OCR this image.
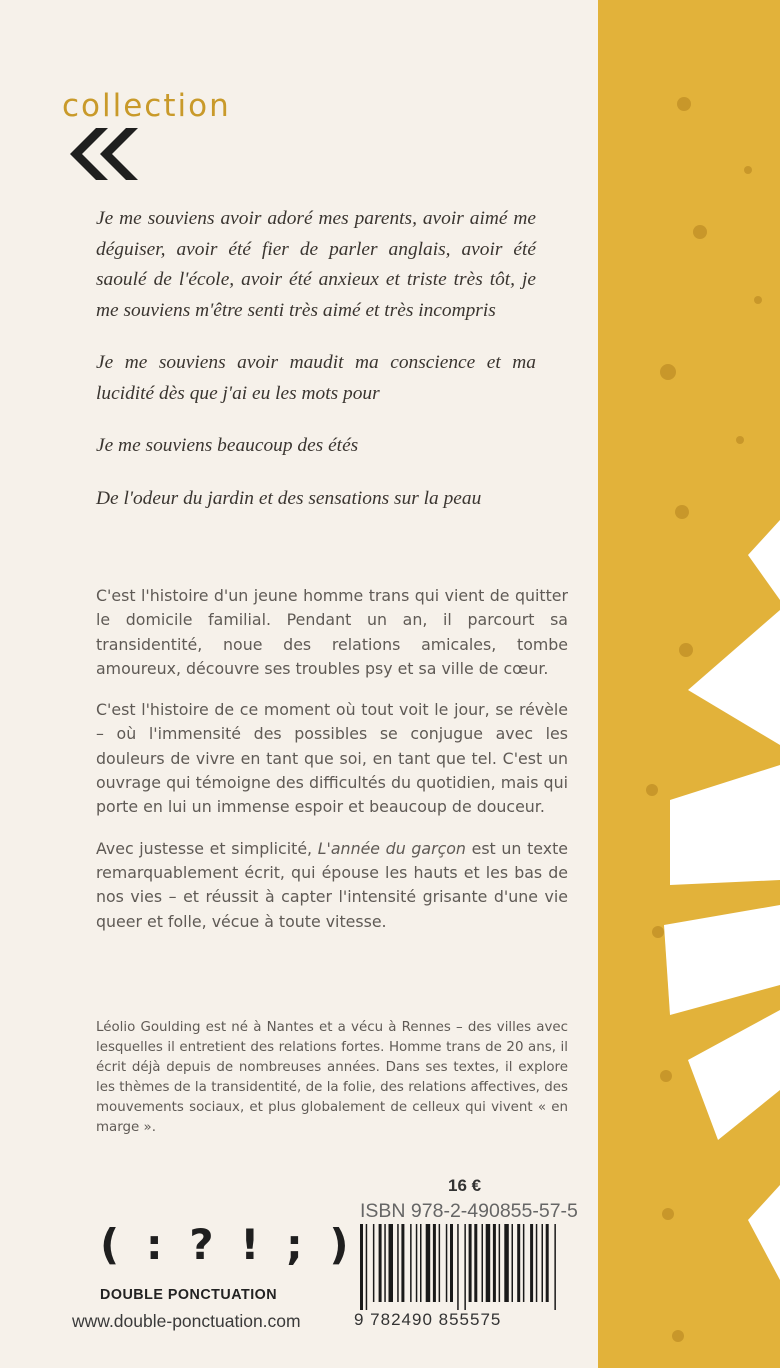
collection

Je me souviens avoir adoré mes parents, avoir aimé me déguiser, avoir été fier de parler anglais, avoir été saoulé de l'école, avoir été anxieux et triste très tôt, je me souviens m'être senti très aimé et très incompris

Je me souviens avoir maudit ma conscience et ma lucidité dès que j'ai eu les mots pour

Je me souviens beaucoup des étés

De l'odeur du jardin et des sensations sur la peau

C'est l'histoire d'un jeune homme trans qui vient de quitter le domicile familial. Pendant un an, il parcourt sa transidentité, noue des relations amicales, tombe amoureux, découvre ses troubles psy et sa ville de cœur.

C'est l'histoire de ce moment où tout voit le jour, se révèle – où l'immensité des possibles se conjugue avec les douleurs de vivre en tant que soi, en tant que tel. C'est un ouvrage qui témoigne des difficultés du quotidien, mais qui porte en lui un immense espoir et beaucoup de douceur.

Avec justesse et simplicité, L'année du garçon est un texte remarquablement écrit, qui épouse les hauts et les bas de nos vies – et réussit à capter l'intensité grisante d'une vie queer et folle, vécue à toute vitesse.

Léolio Goulding est né à Nantes et a vécu à Rennes – des villes avec lesquelles il entretient des relations fortes. Homme trans de 20 ans, il écrit déjà depuis de nombreuses années. Dans ses textes, il explore les thèmes de la transidentité, de la folie, des relations affectives, des mouvements sociaux, et plus globalement de celleux qui vivent « en marge ».
16 €
ISBN 978-2-490855-57-5
9 782490 855575
( : ? ! ; )
DOUBLE PONCTUATION
www.double-ponctuation.com
